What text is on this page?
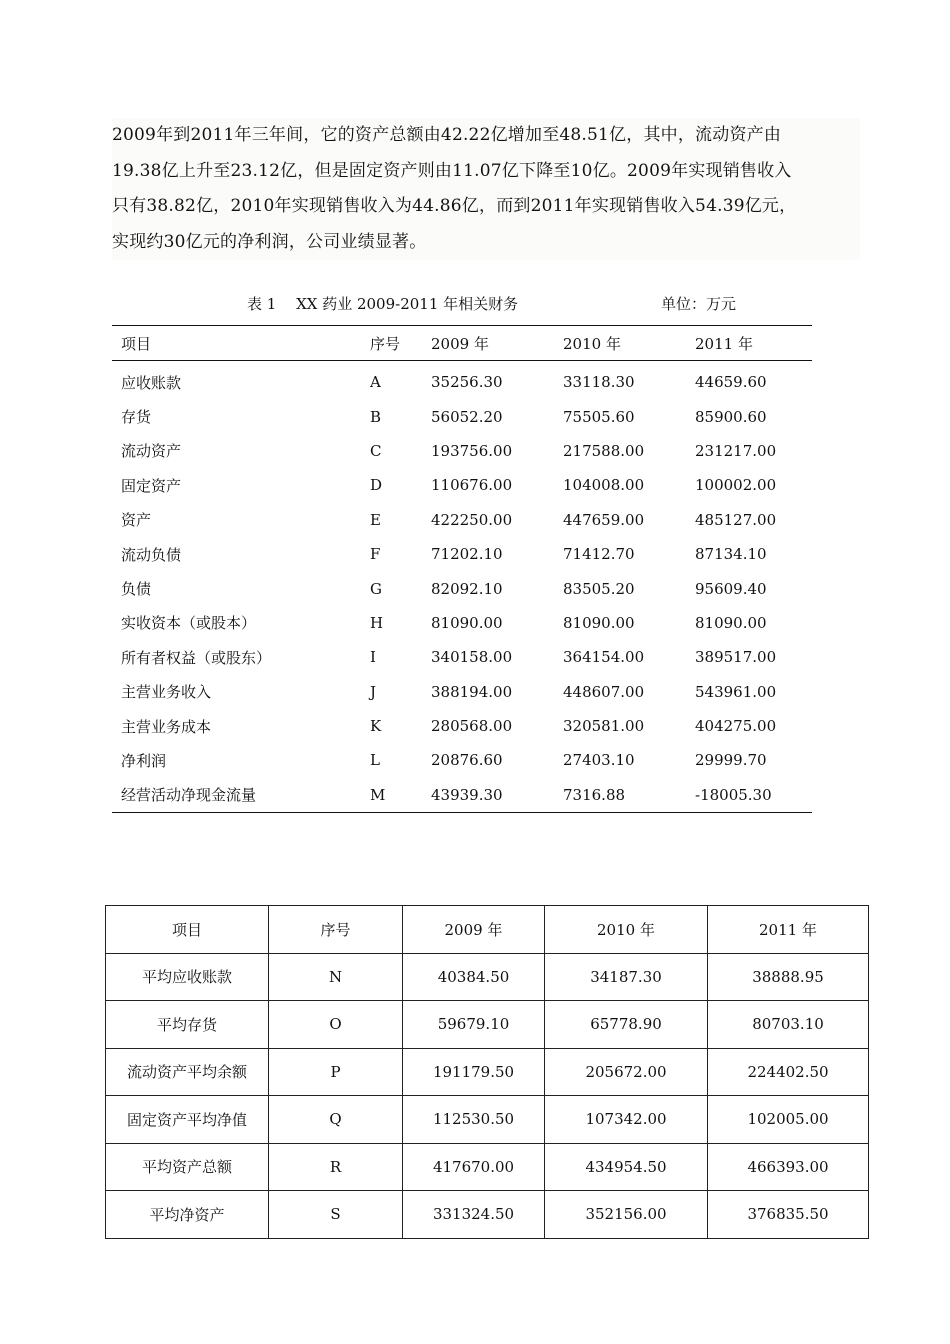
2009年到2011年三年间，它的资产总额由42.22亿增加至48.51亿，其中，流动资产由

19.38亿上升至23.12亿，但是固定资产则由11.07亿下降至10亿。2009年实现销售收入

只有38.82亿，2010年实现销售收入为44.86亿，而到2011年实现销售收入54.39亿元，

实现约30亿元的净利润，公司业绩显著。

表 1　 XX 药业 2009-2011 年相关财务	单位：万元
项目	序号	2009 年	2010 年	2011 年
应收账款	A	35256.30	33118.30	44659.60
存货	B	56052.20	75505.60	85900.60
流动资产	C	193756.00	217588.00	231217.00
固定资产	D	110676.00	104008.00	100002.00
资产	E	422250.00	447659.00	485127.00
流动负债	F	71202.10	71412.70	87134.10
负债	G	82092.10	83505.20	95609.40
实收资本（或股本）	H	81090.00	81090.00	81090.00
所有者权益（或股东）	I	340158.00	364154.00	389517.00
主营业务收入	J	388194.00	448607.00	543961.00
主营业务成本	K	280568.00	320581.00	404275.00
净利润	L	20876.60	27403.10	29999.70
经营活动净现金流量	M	43939.30	7316.88	-18005.30
项目	序号	2009 年	2010 年	2011 年
平均应收账款	N	40384.50	34187.30	38888.95
平均存货	O	59679.10	65778.90	80703.10
流动资产平均余额	P	191179.50	205672.00	224402.50
固定资产平均净值	Q	112530.50	107342.00	102005.00
平均资产总额	R	417670.00	434954.50	466393.00
平均净资产	S	331324.50	352156.00	376835.50
